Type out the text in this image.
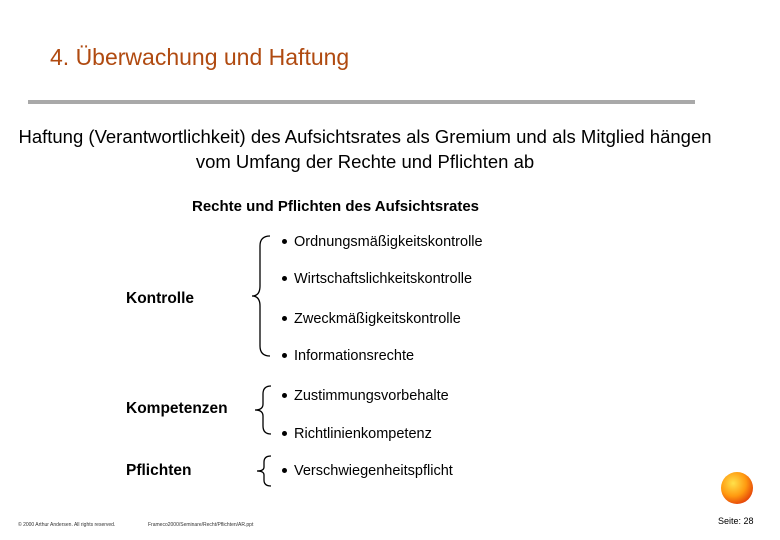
4. Überwachung und Haftung
Haftung (Verantwortlichkeit) des Aufsichtsrates als Gremium und als Mitglied hängen vom Umfang der Rechte und Pflichten ab
Rechte und Pflichten des Aufsichtsrates
Kontrolle
Ordnungsmäßigkeitskontrolle
Wirtschaftslichkeitskontrolle
Zweckmäßigkeitskontrolle
Informationsrechte
Kompetenzen
Zustimmungsvorbehalte
Richtlinienkompetenz
Pflichten	Verschwiegenheitspflicht
© 2000 Arthur Andersen. All rights reserved.	Frameco2000/Seminare/Recht/Pflichten/AR.ppt	Seite: 28
